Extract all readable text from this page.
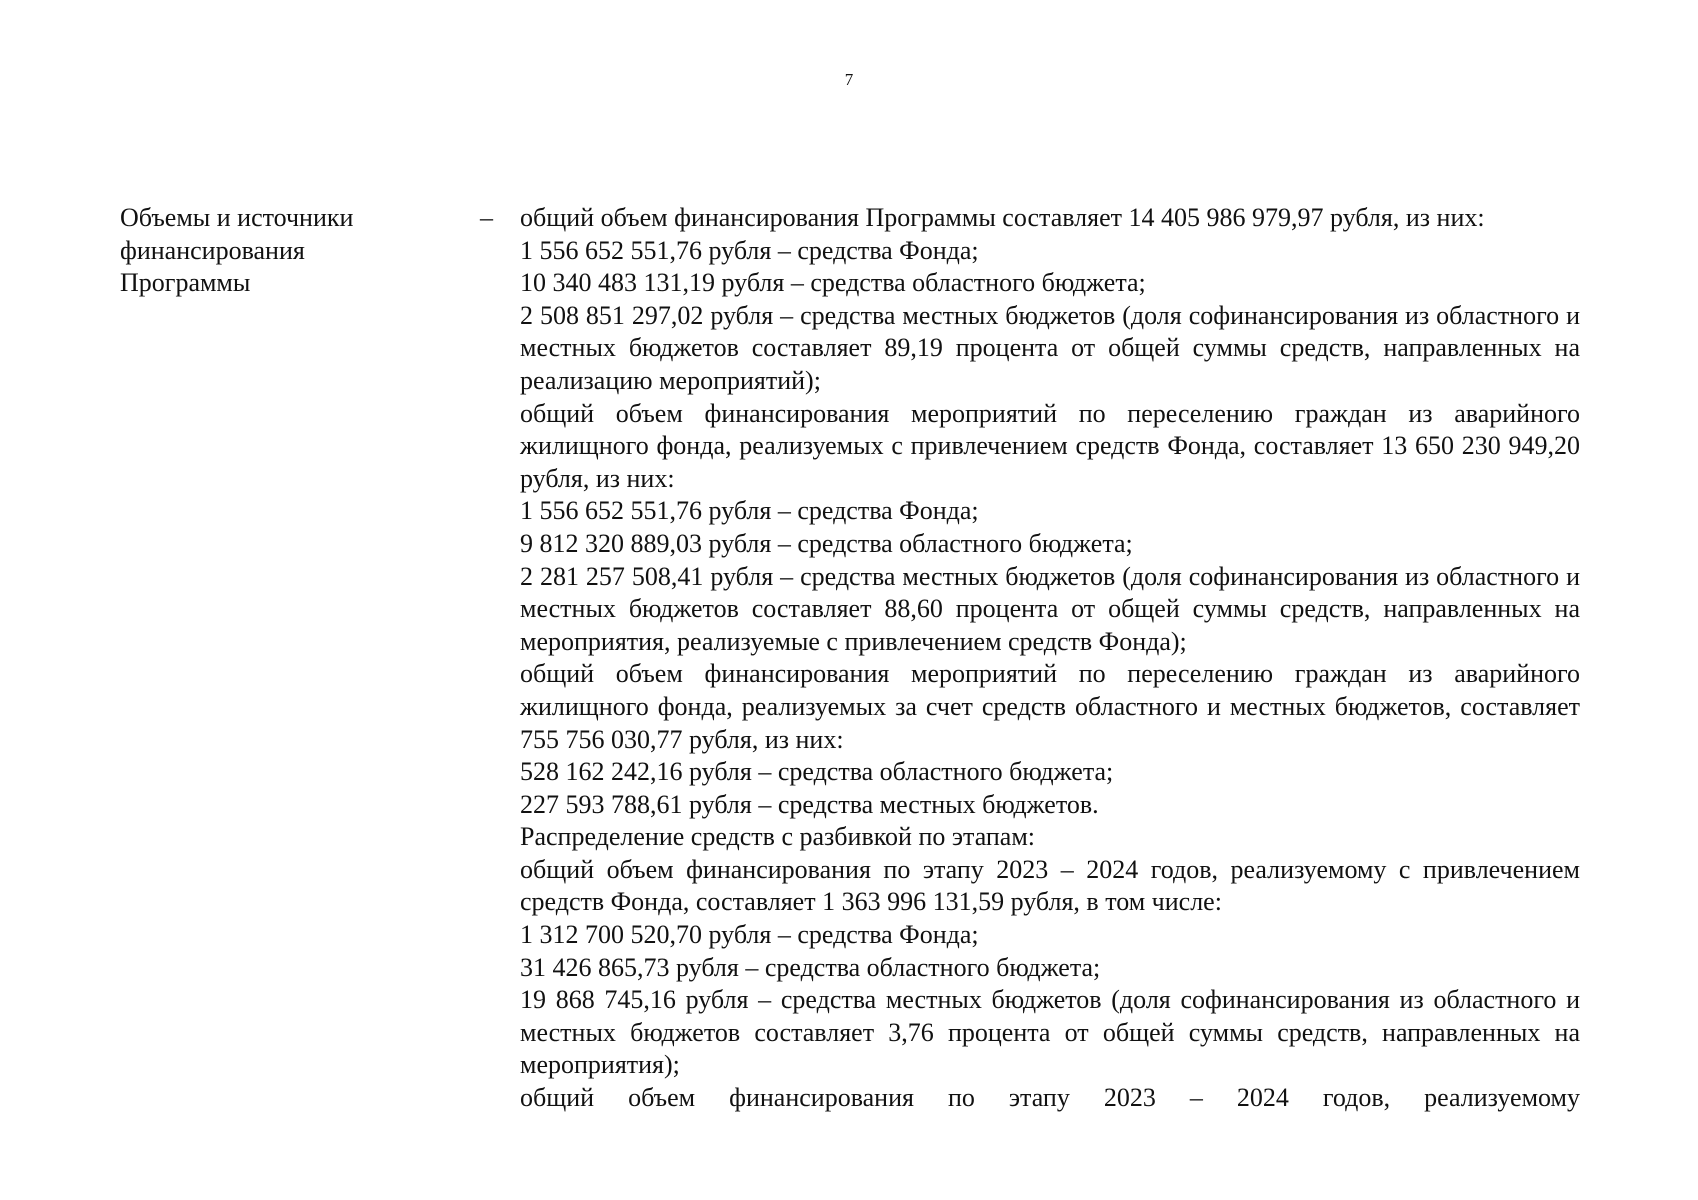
7
Объемы и источники
финансирования
Программы
– общий объем финансирования Программы составляет 14 405 986 979,97 рубля, из них:

1 556 652 551,76 рубля – средства Фонда;

10 340 483 131,19 рубля – средства областного бюджета;

2 508 851 297,02 рубля – средства местных бюджетов (доля софинансирования из областного и местных бюджетов составляет 89,19 процента от общей суммы средств, направленных на реализацию мероприятий);

общий объем финансирования мероприятий по переселению граждан из аварийного жилищного фонда, реализуемых с привлечением средств Фонда, составляет 13 650 230 949,20 рубля, из них:

1 556 652 551,76 рубля – средства Фонда;

9 812 320 889,03 рубля – средства областного бюджета;

2 281 257 508,41 рубля – средства местных бюджетов (доля софинансирования из областного и местных бюджетов составляет 88,60 процента от общей суммы средств, направленных на мероприятия, реализуемые с привлечением средств Фонда);

общий объем финансирования мероприятий по переселению граждан из аварийного жилищного фонда, реализуемых за счет средств областного и местных бюджетов, составляет 755 756 030,77 рубля, из них:

528 162 242,16 рубля – средства областного бюджета;

227 593 788,61 рубля – средства местных бюджетов.

Распределение средств с разбивкой по этапам:

общий объем финансирования по этапу 2023 – 2024 годов, реализуемому с привлечением средств Фонда, составляет 1 363 996 131,59 рубля, в том числе:

1 312 700 520,70 рубля – средства Фонда;

31 426 865,73 рубля – средства областного бюджета;

19 868 745,16 рубля – средства местных бюджетов (доля софинансирования из областного и местных бюджетов составляет 3,76 процента от общей суммы средств, направленных на мероприятия);

общий объем финансирования по этапу 2023 – 2024 годов, реализуемому
